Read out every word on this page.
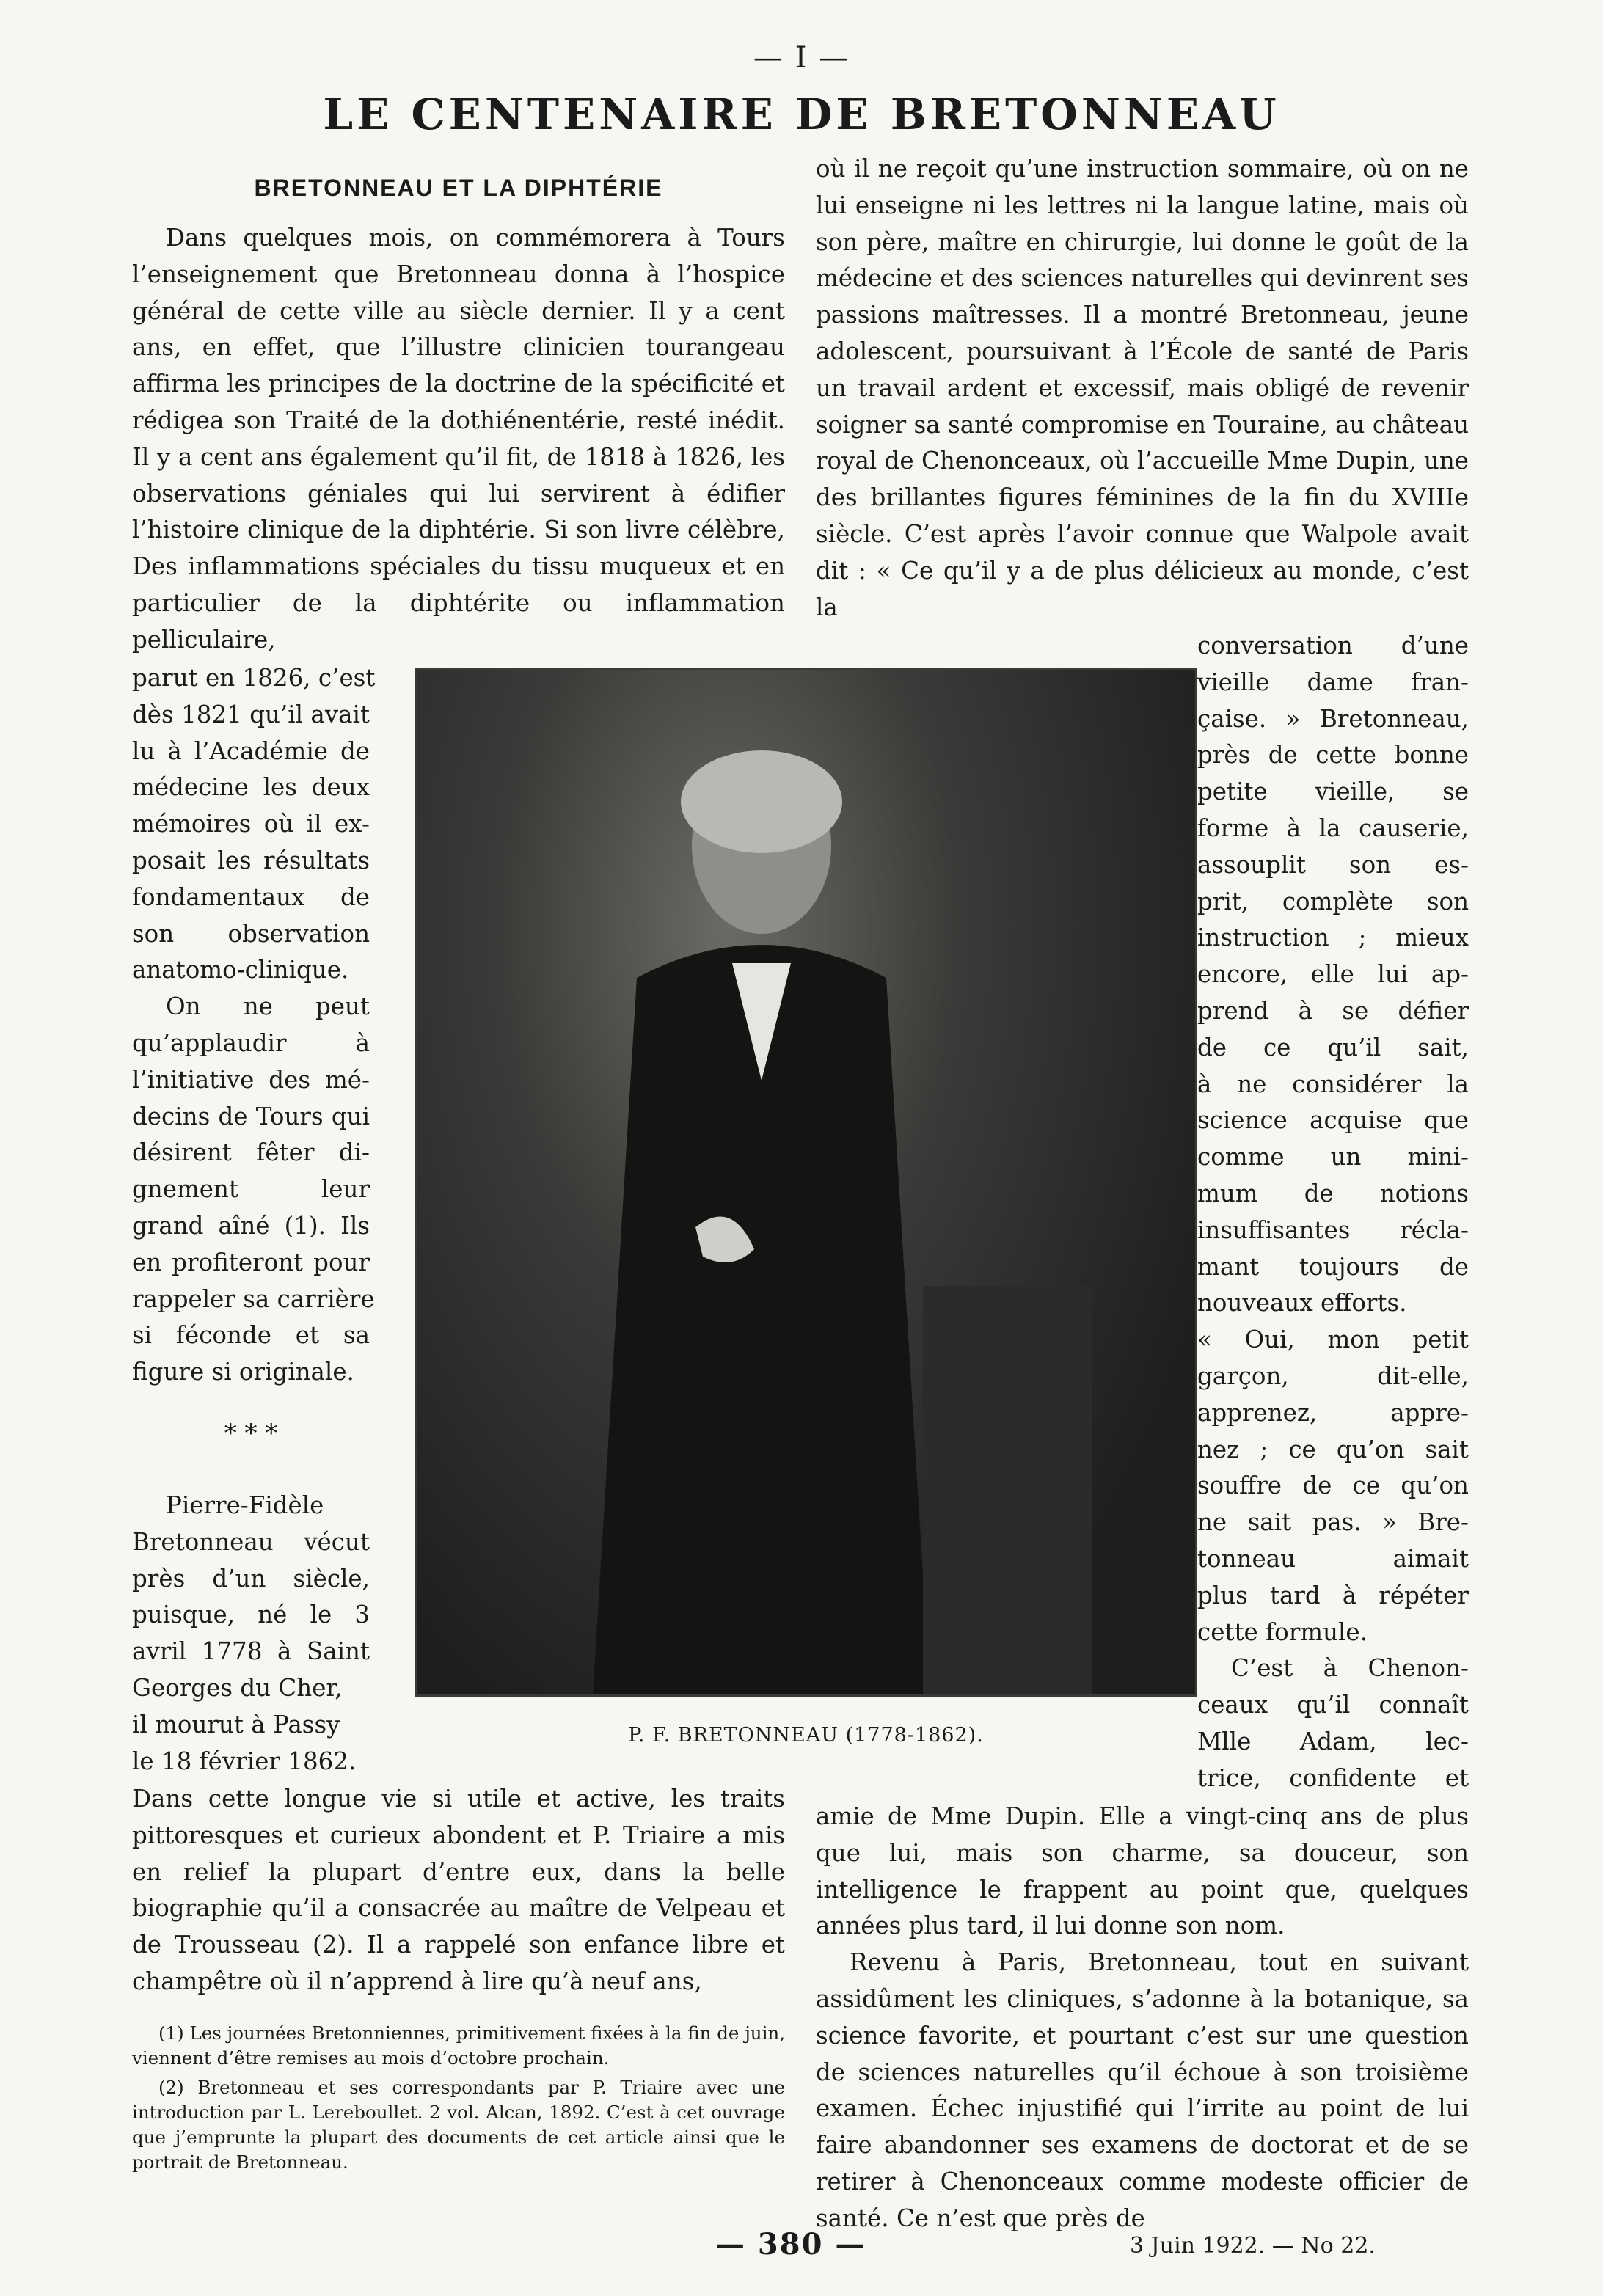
— I —
LE CENTENAIRE DE BRETONNEAU
BRETONNEAU ET LA DIPHTÉRIE

Dans quelques mois, on commémorera à Tours l’enseignement que Bretonneau donna à l’hospice général de cette ville au siècle dernier. Il y a cent ans, en effet, que l’illustre clinicien tourangeau affirma les principes de la doctrine de la spécificité et rédigea son Traité de la dothiénentérie, resté inédit. Il y a cent ans également qu’il fit, de 1818 à 1826, les observations géniales qui lui servirent à édifier l’histoire clinique de la diphtérie. Si son livre célèbre, Des inflammations spéciales du tissu muqueux et en particulier de la diphtérite ou inflammation pelliculaire,

parut en 1826, c’est
dès 1821 qu’il avait
lu à l’Académie de
médecine les deux
mémoires où il ex-
posait les résultats
fondamentaux de
son observation
anatomo-clinique.
On ne peut
qu’applaudir à
l’initiative des mé-
decins de Tours qui
désirent fêter di-
gnement leur
grand aîné (1). Ils
en profiteront pour
rappeler sa carrière
si féconde et sa
figure si originale.
* * *
Pierre-Fidèle
Bretonneau vécut
près d’un siècle,
puisque, né le 3
avril 1778 à Saint
Georges du Cher,
il mourut à Passy
le 18 février 1862.

Dans cette longue vie si utile et active, les traits pittoresques et curieux abondent et P. Triaire a mis en relief la plupart d’entre eux, dans la belle biographie qu’il a consacrée au maître de Velpeau et de Trousseau (2). Il a rappelé son enfance libre et champêtre où il n’apprend à lire qu’à neuf ans,

où il ne reçoit qu’une instruction sommaire, où on ne lui enseigne ni les lettres ni la langue latine, mais où son père, maître en chirurgie, lui donne le goût de la médecine et des sciences naturelles qui devinrent ses passions maîtresses. Il a montré Bretonneau, jeune adolescent, poursuivant à l’École de santé de Paris un travail ardent et excessif, mais obligé de revenir soigner sa santé compromise en Touraine, au château royal de Chenonceaux, où l’accueille Mme Dupin, une des brillantes figures féminines de la fin du XVIIIe siècle. C’est après l’avoir connue que Walpole avait dit : « Ce qu’il y a de plus délicieux au monde, c’est la

conversation d’une
vieille dame fran-
çaise. » Bretonneau,
près de cette bonne
petite vieille, se
forme à la causerie,
assouplit son es-
prit, complète son
instruction ; mieux
encore, elle lui ap-
prend à se défier
de ce qu’il sait,
à ne considérer la
science acquise que
comme un mini-
mum de notions
insuffisantes récla-
mant toujours de
nouveaux efforts.
« Oui, mon petit
garçon, dit-elle,
apprenez, appre-
nez ; ce qu’on sait
souffre de ce qu’on
ne sait pas. » Bre-
tonneau aimait
plus tard à répéter
cette formule.
C’est à Chenon-
ceaux qu’il connaît
Mlle Adam, lec-
trice, confidente et

amie de Mme Dupin. Elle a vingt-cinq ans de plus que lui, mais son charme, sa douceur, son intelligence le frappent au point que, quelques années plus tard, il lui donne son nom.

Revenu à Paris, Bretonneau, tout en suivant assidûment les cliniques, s’adonne à la botanique, sa science favorite, et pourtant c’est sur une question de sciences naturelles qu’il échoue à son troisième examen. Échec injustifié qui l’irrite au point de lui faire abandonner ses examens de doctorat et de se retirer à Chenonceaux comme modeste officier de santé. Ce n’est que près de

P. F. BRETONNEAU (1778-1862).

(1) Les journées Bretonniennes, primitivement fixées à la fin de juin, viennent d’être remises au mois d’octobre prochain.

(2) Bretonneau et ses correspondants par P. Triaire avec une introduction par L. Lereboullet. 2 vol. Alcan, 1892. C’est à cet ouvrage que j’emprunte la plupart des documents de cet article ainsi que le portrait de Bretonneau.

— 380 —	3 Juin 1922. — No 22.
